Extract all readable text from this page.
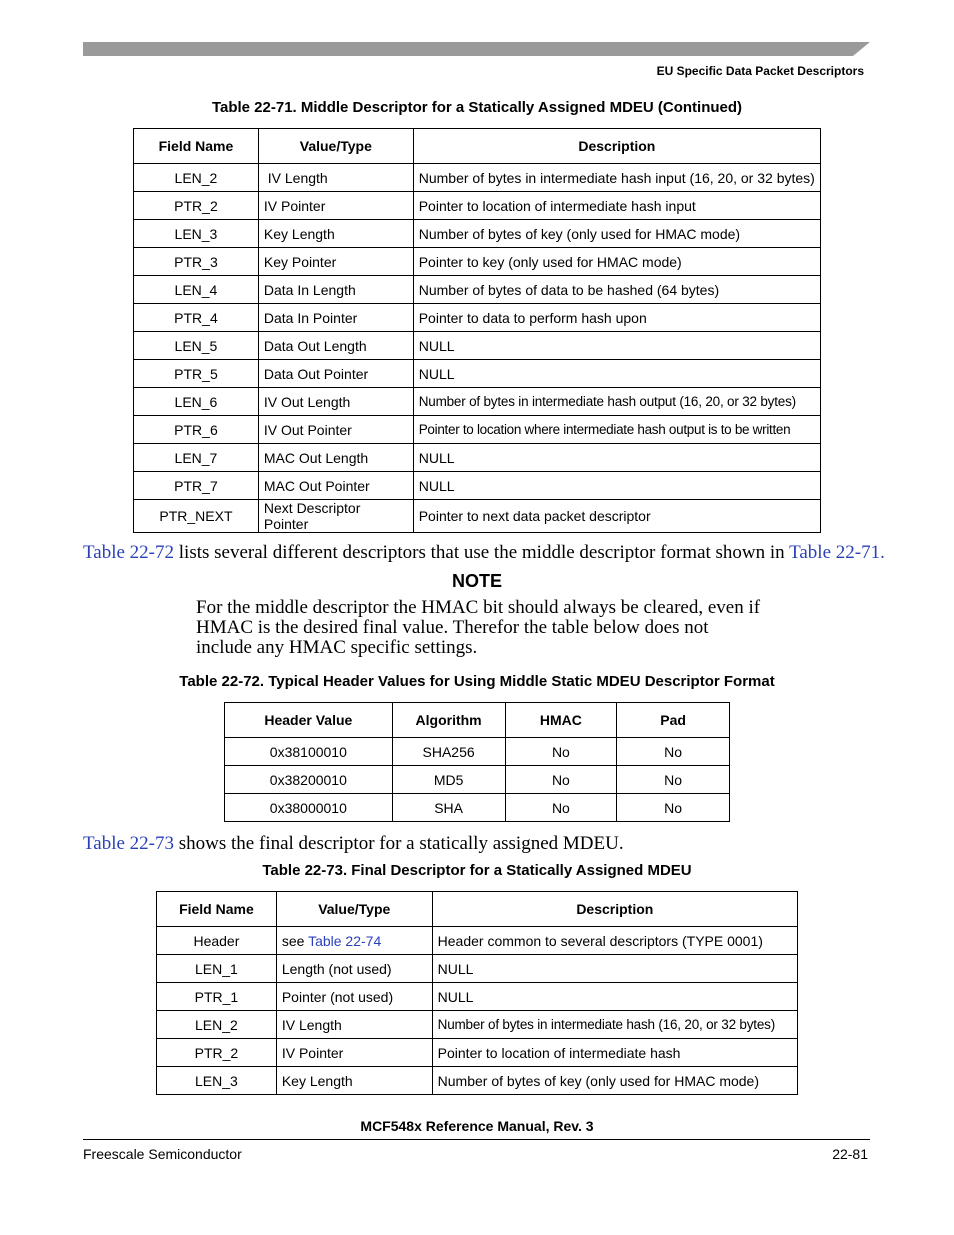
EU Specific Data Packet Descriptors
Table 22-71. Middle Descriptor for a Statically Assigned MDEU (Continued)
Field Name	Value/Type	Description
LEN_2	IV Length	Number of bytes in intermediate hash input (16, 20, or 32 bytes)
PTR_2	IV Pointer	Pointer to location of intermediate hash input
LEN_3	Key Length	Number of bytes of key (only used for HMAC mode)
PTR_3	Key Pointer	Pointer to key (only used for HMAC mode)
LEN_4	Data In Length	Number of bytes of data to be hashed (64 bytes)
PTR_4	Data In Pointer	Pointer to data to perform hash upon
LEN_5	Data Out Length	NULL
PTR_5	Data Out Pointer	NULL
LEN_6	IV Out Length	Number of bytes in intermediate hash output (16, 20, or 32 bytes)
PTR_6	IV Out Pointer	Pointer to location where intermediate hash output is to be written
LEN_7	MAC Out Length	NULL
PTR_7	MAC Out Pointer	NULL
PTR_NEXT	Next Descriptor Pointer	Pointer to next data packet descriptor
Table 22-72 lists several different descriptors that use the middle descriptor format shown in Table 22-71.
NOTE
For the middle descriptor the HMAC bit should always be cleared, even if HMAC is the desired final value. Therefor the table below does not include any HMAC specific settings.
Table 22-72. Typical Header Values for Using Middle Static MDEU Descriptor Format
Header Value	Algorithm	HMAC	Pad
0x38100010	SHA256	No	No
0x38200010	MD5	No	No
0x38000010	SHA	No	No
Table 22-73 shows the final descriptor for a statically assigned MDEU.
Table 22-73. Final Descriptor for a Statically Assigned MDEU
Field Name	Value/Type	Description
Header	see Table 22-74	Header common to several descriptors (TYPE 0001)
LEN_1	Length (not used)	NULL
PTR_1	Pointer (not used)	NULL
LEN_2	IV Length	Number of bytes in intermediate hash (16, 20, or 32 bytes)
PTR_2	IV Pointer	Pointer to location of intermediate hash
LEN_3	Key Length	Number of bytes of key (only used for HMAC mode)
MCF548x Reference Manual, Rev. 3
Freescale Semiconductor	22-81
